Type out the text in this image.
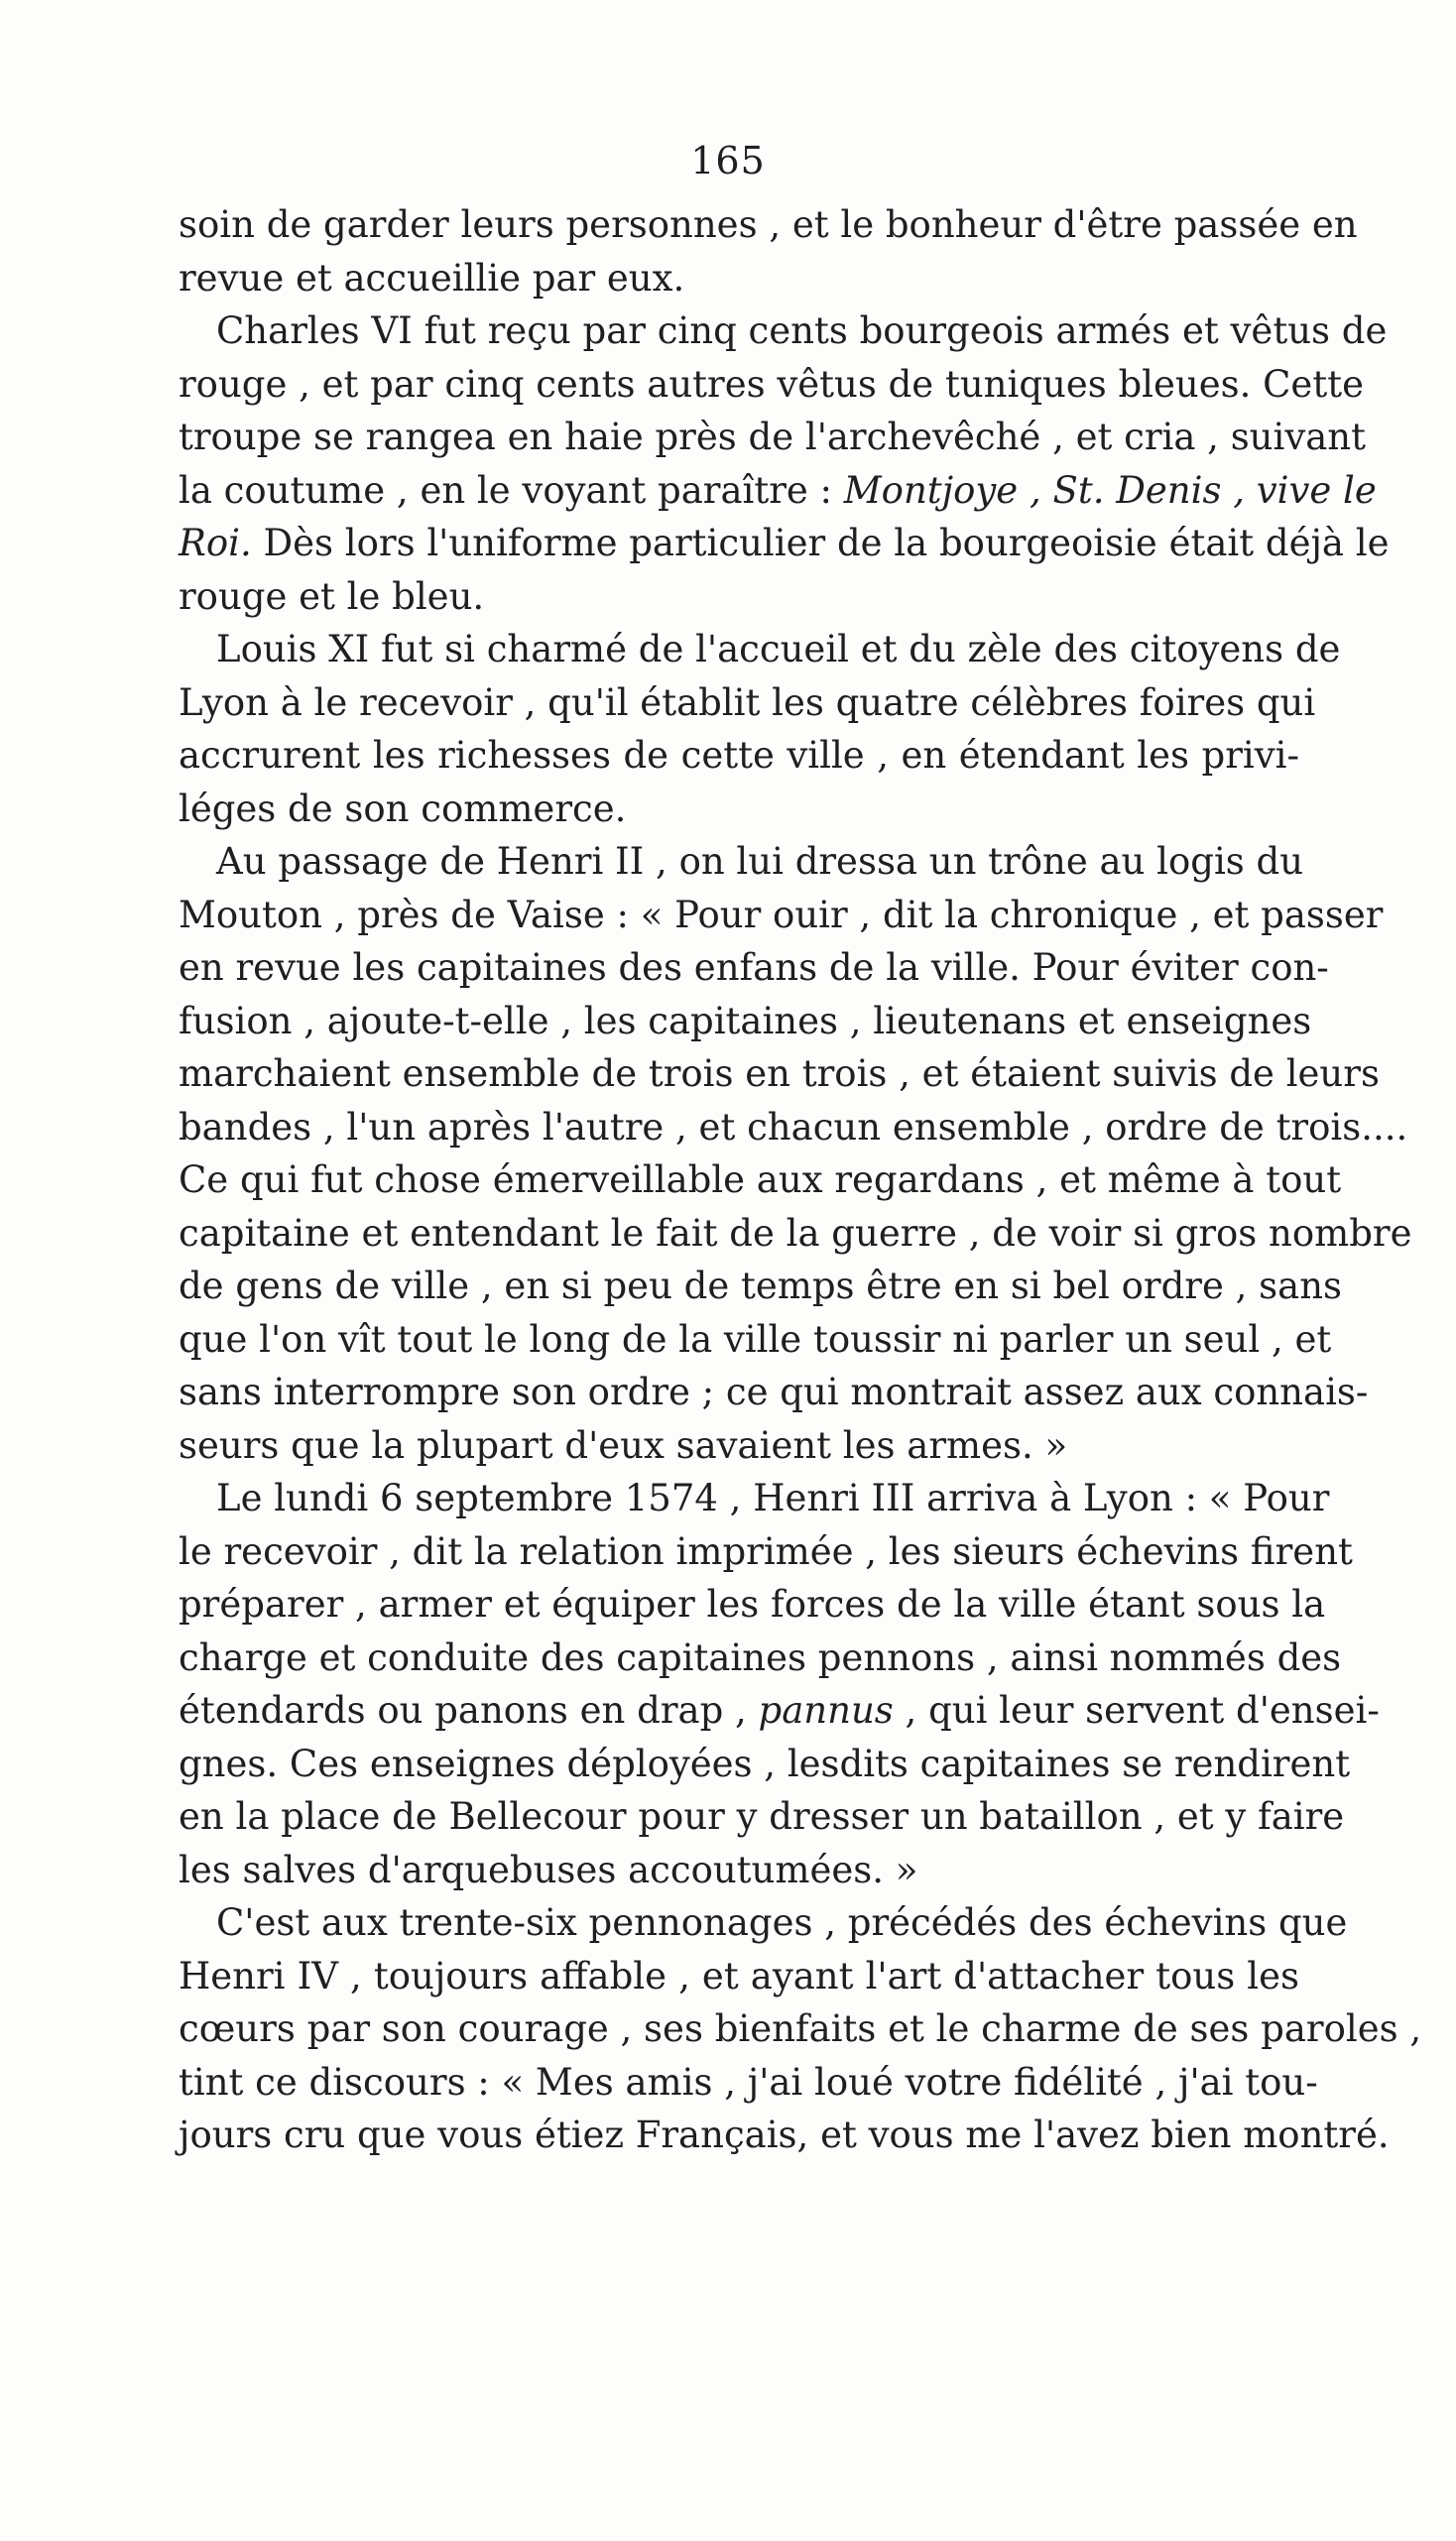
165
soin de garder leurs personnes , et le bonheur d'être passée en
revue et accueillie par eux.
Charles VI fut reçu par cinq cents bourgeois armés et vêtus de
rouge , et par cinq cents autres vêtus de tuniques bleues. Cette
troupe se rangea en haie près de l'archevêché , et cria , suivant
la coutume , en le voyant paraître : Montjoye , St. Denis , vive le
Roi. Dès lors l'uniforme particulier de la bourgeoisie était déjà le
rouge et le bleu.
Louis XI fut si charmé de l'accueil et du zèle des citoyens de
Lyon à le recevoir , qu'il établit les quatre célèbres foires qui
accrurent les richesses de cette ville , en étendant les privi-
léges de son commerce.
Au passage de Henri II , on lui dressa un trône au logis du
Mouton , près de Vaise : « Pour ouir , dit la chronique , et passer
en revue les capitaines des enfans de la ville. Pour éviter con-
fusion , ajoute-t-elle , les capitaines , lieutenans et enseignes
marchaient ensemble de trois en trois , et étaient suivis de leurs
bandes , l'un après l'autre , et chacun ensemble , ordre de trois....
Ce qui fut chose émerveillable aux regardans , et même à tout
capitaine et entendant le fait de la guerre , de voir si gros nombre
de gens de ville , en si peu de temps être en si bel ordre , sans
que l'on vît tout le long de la ville toussir ni parler un seul , et
sans interrompre son ordre ; ce qui montrait assez aux connais-
seurs que la plupart d'eux savaient les armes. »
Le lundi 6 septembre 1574 , Henri III arriva à Lyon : « Pour
le recevoir , dit la relation imprimée , les sieurs échevins firent
préparer , armer et équiper les forces de la ville étant sous la
charge et conduite des capitaines pennons , ainsi nommés des
étendards ou panons en drap , pannus , qui leur servent d'ensei-
gnes. Ces enseignes déployées , lesdits capitaines se rendirent
en la place de Bellecour pour y dresser un bataillon , et y faire
les salves d'arquebuses accoutumées. »
C'est aux trente-six pennonages , précédés des échevins que
Henri IV , toujours affable , et ayant l'art d'attacher tous les
cœurs par son courage , ses bienfaits et le charme de ses paroles ,
tint ce discours : « Mes amis , j'ai loué votre fidélité , j'ai tou-
jours cru que vous étiez Français, et vous me l'avez bien montré.
